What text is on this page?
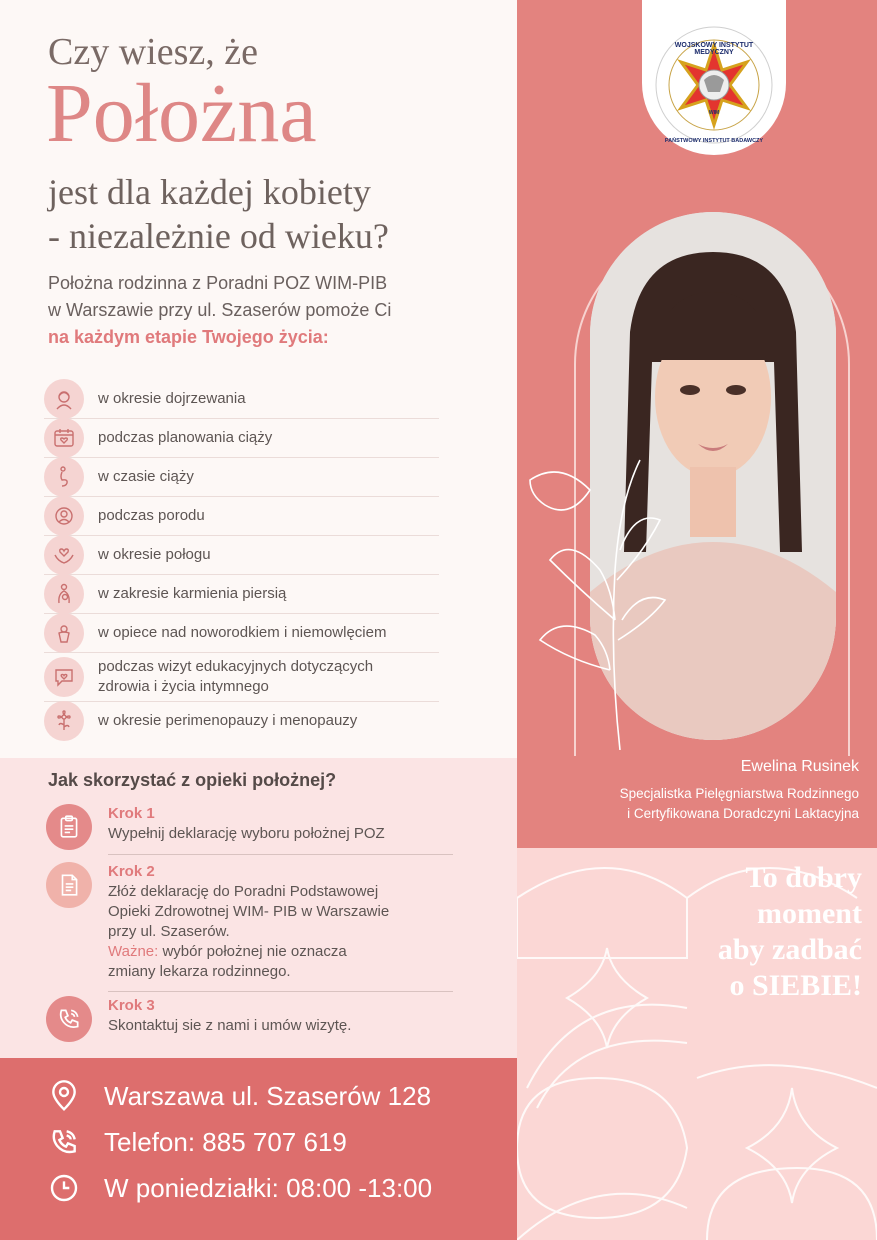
WOJSKOWY INSTYTUT MEDYCZNY
PAŃSTWOWY INSTYTUT BADAWCZY
WIM
Ewelina Rusinek
Specjalistka Pielęgniarstwa Rodzinnego
i Certyfikowana Doradczyni Laktacyjna
To dobry
moment
aby zadbać
o SIEBIE!
Czy wiesz, że
Położna
jest dla każdej kobiety
- niezależnie od wieku?
Położna rodzinna z Poradni POZ WIM-PIB
w Warszawie przy ul. Szaserów pomoże Ci
na każdym etapie Twojego życia:
w okresie dojrzewania
podczas planowania ciąży
w czasie ciąży
podczas porodu
w okresie połogu
w zakresie karmienia piersią
w opiece nad noworodkiem i niemowlęciem
podczas wizyt edukacyjnych dotyczących
zdrowia i życia intymnego
w okresie perimenopauzy i menopauzy
Jak skorzystać z opieki położnej?
Krok 1
Wypełnij deklarację wyboru położnej POZ
Krok 2
Złóż deklarację do Poradni Podstawowej
Opieki Zdrowotnej WIM- PIB w Warszawie
przy ul. Szaserów.
Ważne: wybór położnej nie oznacza
zmiany lekarza rodzinnego.
Krok 3
Skontaktuj sie z nami i umów wizytę.
Warszawa ul. Szaserów 128
Telefon: 885 707 619
W poniedziałki: 08:00 -13:00
